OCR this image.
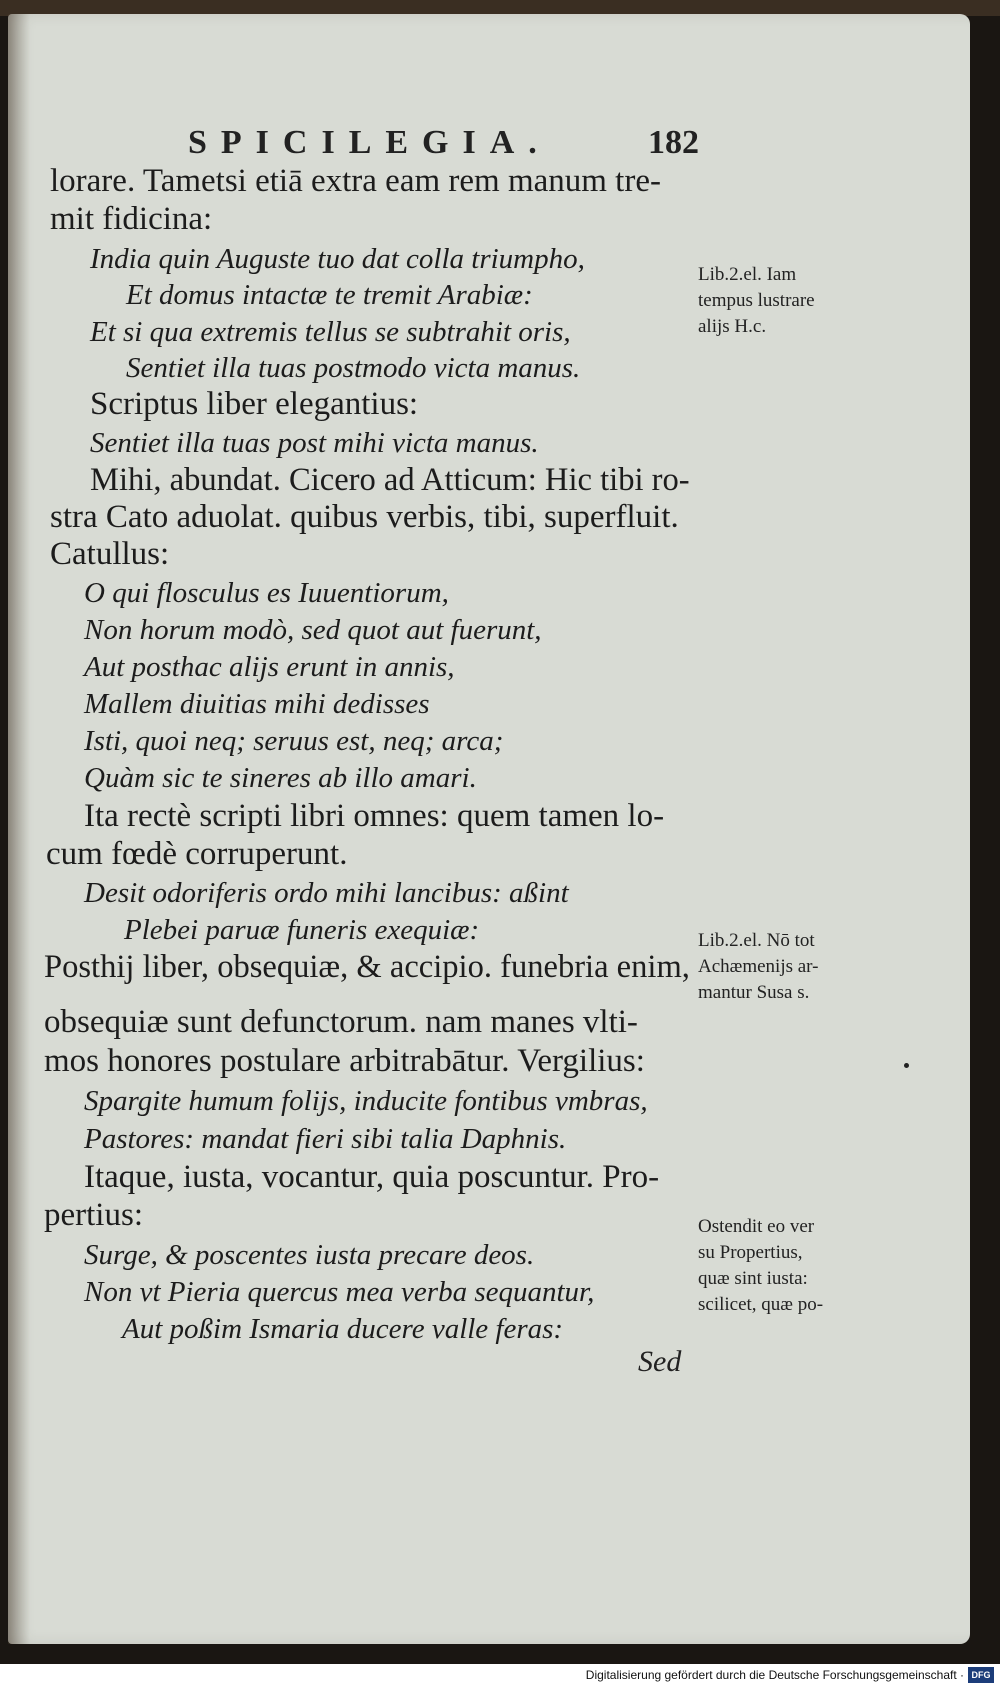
SPICILEGIA.	182
lorare. Tametsi etiā extra eam rem manum tre-
mit fidicina:
India quin Auguste tuo dat colla triumpho,
Et domus intactæ te tremit Arabiæ:
Et si qua extremis tellus se subtrahit oris,
Sentiet illa tuas postmodo victa manus.
Scriptus liber elegantius:
Sentiet illa tuas post mihi victa manus.
Mihi, abundat. Cicero ad Atticum: Hic tibi ro-
stra Cato aduolat. quibus verbis, tibi, superfluit.
Catullus:
O qui flosculus es Iuuentiorum,
Non horum modò, sed quot aut fuerunt,
Aut posthac alijs erunt in annis,
Mallem diuitias mihi dedisses
Isti, quoi neq; seruus est, neq; arca;
Quàm sic te sineres ab illo amari.
Ita rectè scripti libri omnes: quem tamen lo-
cum fœdè corruperunt.
Desit odoriferis ordo mihi lancibus: aßint
Plebei paruæ funeris exequiæ:
Posthij liber, obsequiæ, & accipio. funebria enim,
obsequiæ sunt defunctorum. nam manes vlti-
mos honores postulare arbitrabātur. Vergilius:
Spargite humum folijs, inducite fontibus vmbras,
Pastores: mandat fieri sibi talia Daphnis.
Itaque, iusta, vocantur, quia poscuntur. Pro-
pertius:
Surge, & poscentes iusta precare deos.
Non vt Pieria quercus mea verba sequantur,
Aut poßim Ismaria ducere valle feras:
Lib.2.el. Iam
tempus lustrare
alijs H.c.
Lib.2.el. Nō tot
Achæmenijs ar-
mantur Susa s.
Ostendit eo ver
su Propertius,
quæ sint iusta:
scilicet, quæ po-
Sed
Digitalisierung gefördert durch die Deutsche Forschungsgemeinschaft · DFG
